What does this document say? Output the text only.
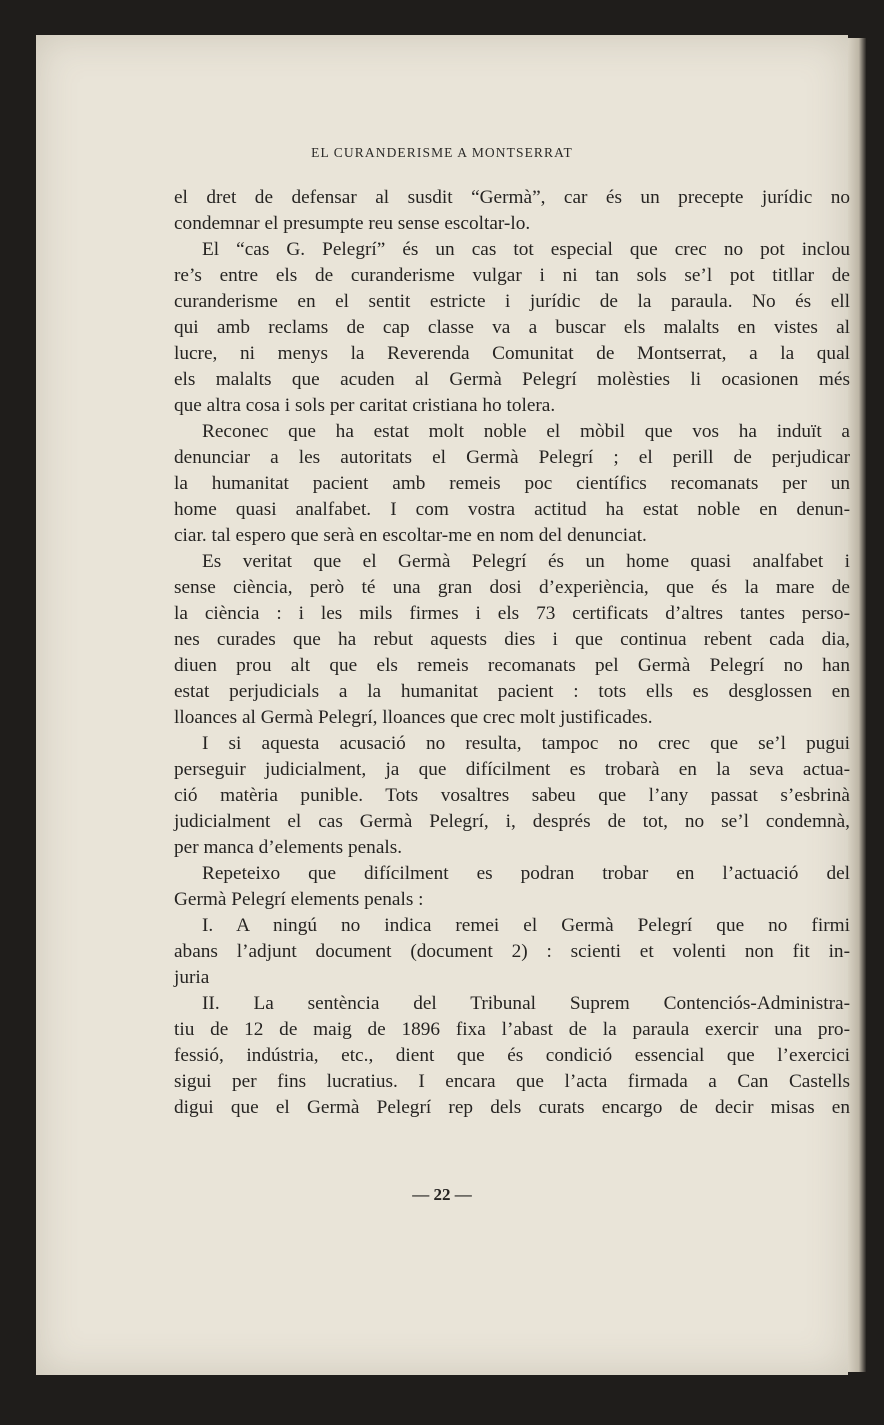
EL CURANDERISME A MONTSERRAT
el dret de defensar al susdit “Germà”, car és un precepte jurídic no
condemnar el presumpte reu sense escoltar-lo.
El “cas G. Pelegrí” és un cas tot especial que crec no pot inclou
re’s entre els de curanderisme vulgar i ni tan sols se’l pot titllar de
curanderisme en el sentit estricte i jurídic de la paraula. No és ell
qui amb reclams de cap classe va a buscar els malalts en vistes al
lucre, ni menys la Reverenda Comunitat de Montserrat, a la qual
els malalts que acuden al Germà Pelegrí molèsties li ocasionen més
que altra cosa i sols per caritat cristiana ho tolera.
Reconec que ha estat molt noble el mòbil que vos ha induït a
denunciar a les autoritats el Germà Pelegrí ; el perill de perjudicar
la humanitat pacient amb remeis poc científics recomanats per un
home quasi analfabet. I com vostra actitud ha estat noble en denun-
ciar. tal espero que serà en escoltar-me en nom del denunciat.
Es veritat que el Germà Pelegrí és un home quasi analfabet i
sense ciència, però té una gran dosi d’experiència, que és la mare de
la ciència : i les mils firmes i els 73 certificats d’altres tantes perso-
nes curades que ha rebut aquests dies i que continua rebent cada dia,
diuen prou alt que els remeis recomanats pel Germà Pelegrí no han
estat perjudicials a la humanitat pacient : tots ells es desglossen en
lloances al Germà Pelegrí, lloances que crec molt justificades.
I si aquesta acusació no resulta, tampoc no crec que se’l pugui
perseguir judicialment, ja que difícilment es trobarà en la seva actua-
ció matèria punible. Tots vosaltres sabeu que l’any passat s’esbrinà
judicialment el cas Germà Pelegrí, i, després de tot, no se’l condemnà,
per manca d’elements penals.
Repeteixo que difícilment es podran trobar en l’actuació del
Germà Pelegrí elements penals :
I. A ningú no indica remei el Germà Pelegrí que no firmi
abans l’adjunt document (document 2) : scienti et volenti non fit in-
juria
II. La sentència del Tribunal Suprem Contenciós-Administra-
tiu de 12 de maig de 1896 fixa l’abast de la paraula exercir una pro-
fessió, indústria, etc., dient que és condició essencial que l’exercici
sigui per fins lucratius. I encara que l’acta firmada a Can Castells
digui que el Germà Pelegrí rep dels curats encargo de decir misas en
— 22 —
